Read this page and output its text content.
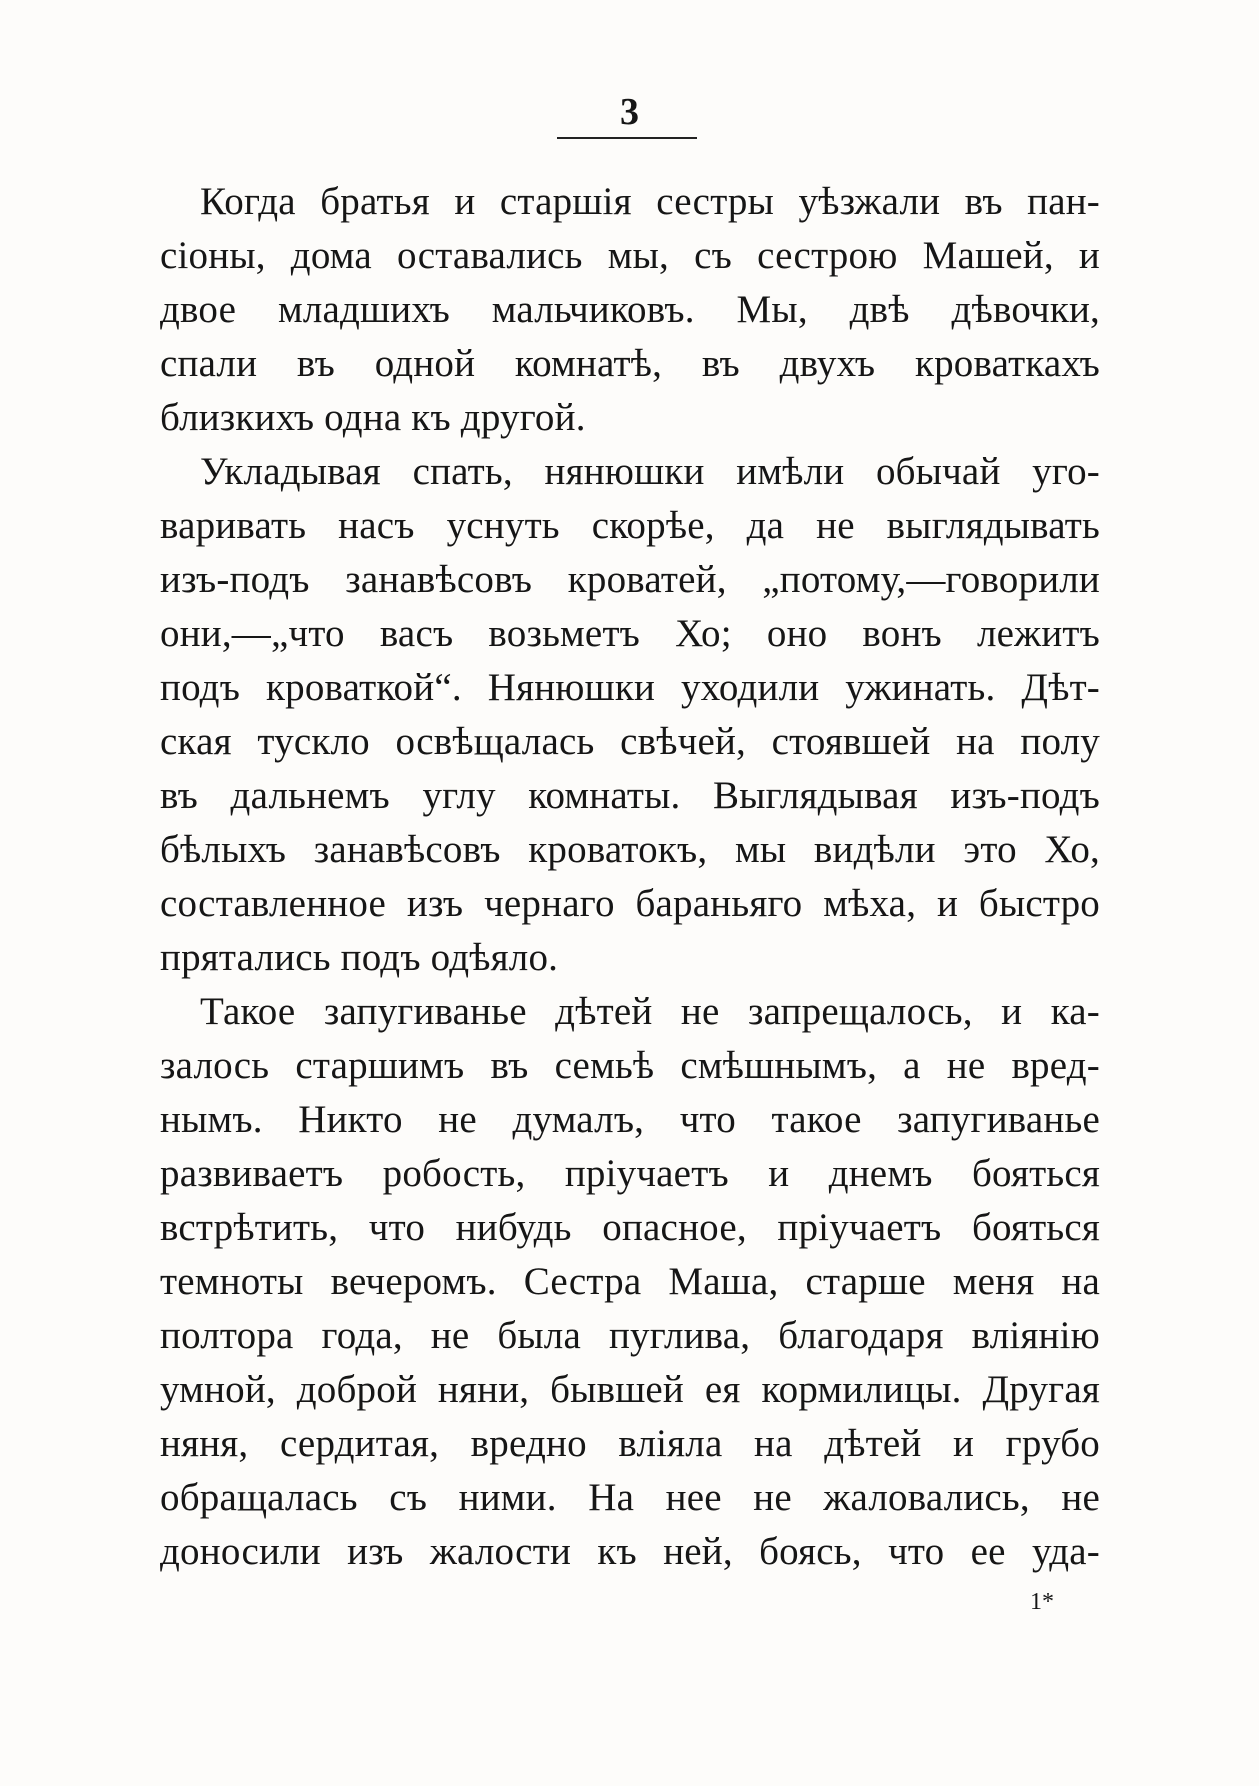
3
Когда братья и старшія сестры уѣзжали въ пан-
сіоны, дома оставались мы, съ сестрою Машей, и
двое младшихъ мальчиковъ. Мы, двѣ дѣвочки,
спали въ одной комнатѣ, въ двухъ кроваткахъ
близкихъ одна къ другой.
Укладывая спать, нянюшки имѣли обычай уго-
варивать насъ уснуть скорѣе, да не выглядывать
изъ-подъ занавѣсовъ кроватей, „потому,—говорили
они,—„что васъ возьметъ Хо; оно вонъ лежитъ
подъ кроваткой“. Нянюшки уходили ужинать. Дѣт-
ская тускло освѣщалась свѣчей, стоявшей на полу
въ дальнемъ углу комнаты. Выглядывая изъ-подъ
бѣлыхъ занавѣсовъ кроватокъ, мы видѣли это Хо,
составленное изъ чернаго бараньяго мѣха, и быстро
прятались подъ одѣяло.
Такое запугиванье дѣтей не запрещалось, и ка-
залось старшимъ въ семьѣ смѣшнымъ, а не вред-
нымъ. Никто не думалъ, что такое запугиванье
развиваетъ робость, пріучаетъ и днемъ бояться
встрѣтить, что нибудь опасное, пріучаетъ бояться
темноты вечеромъ. Сестра Маша, старше меня на
полтора года, не была пуглива, благодаря вліянію
умной, доброй няни, бывшей ея кормилицы. Другая
няня, сердитая, вредно вліяла на дѣтей и грубо
обращалась съ ними. На нее не жаловались, не
доносили изъ жалости къ ней, боясь, что ее уда-
1*
